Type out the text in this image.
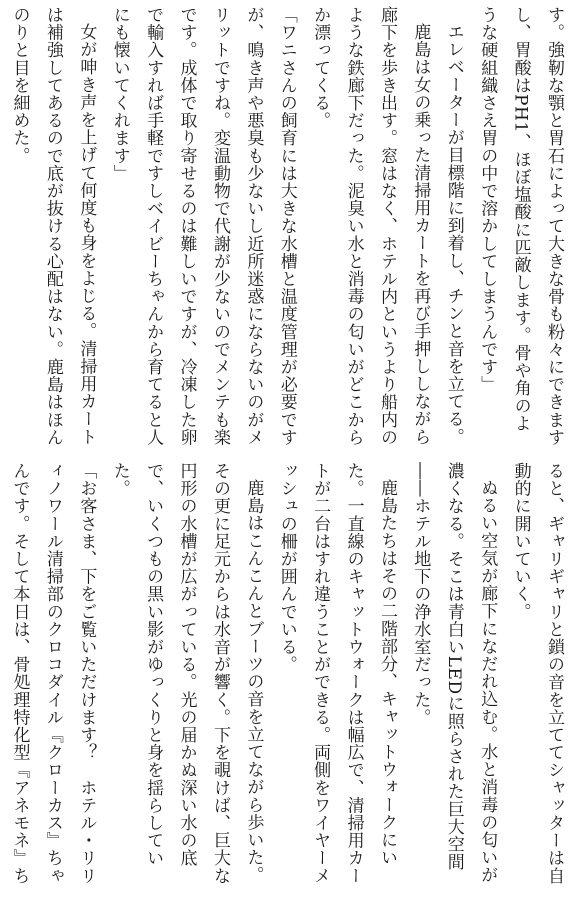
す。強靭な顎と胃石によって大きな骨も粉々にできますし、胃酸はPH1、ほぼ塩酸に匹敵します。骨や角のような硬組織さえ胃の中で溶かしてしまうんです」

エレベーターが目標階に到着し、チンと音を立てる。

鹿島は女の乗った清掃用カートを再び手押ししながら廊下を歩き出す。窓はなく、ホテル内というより船内のような鉄廊下だった。泥臭い水と消毒の匂いがどこからか漂ってくる。

「ワニさんの飼育には大きな水槽と温度管理が必要ですが、鳴き声や悪臭も少ないし近所迷惑にならないのがメリットですね。変温動物で代謝が少ないのでメンテも楽です。成体で取り寄せるのは難しいですが、冷凍した卵で輸入すれば手軽ですしベイビーちゃんから育てると人にも懐いてくれます」

女が呻き声を上げて何度も身をよじる。清掃用カートは補強してあるので底が抜ける心配はない。鹿島はほんのりと目を細めた。

ると、ギャリギャリと鎖の音を立ててシャッターは自動的に開いていく。

ぬるい空気が廊下になだれ込む。水と消毒の匂いが濃くなる。そこは青白いLEDに照らされた巨大空間――ホテル地下の浄水室だった。

鹿島たちはその二階部分、キャットウォークにいた。一直線のキャットウォークは幅広で、清掃用カートが二台はすれ違うことができる。両側をワイヤーメッシュの柵が囲んでいる。

鹿島はこんこんとブーツの音を立てながら歩いた。その更に足元からは水音が響く。下を覗けば、巨大な円形の水槽が広がっている。光の届かぬ深い水の底で、いくつもの黒い影がゆっくりと身を揺らしていた。

「お客さま、下をご覧いただけます？　ホテル・リリィノワール清掃部のクロコダイル『クローカス』ちゃんです。そして本日は、骨処理特化型『アネモネ』ち
